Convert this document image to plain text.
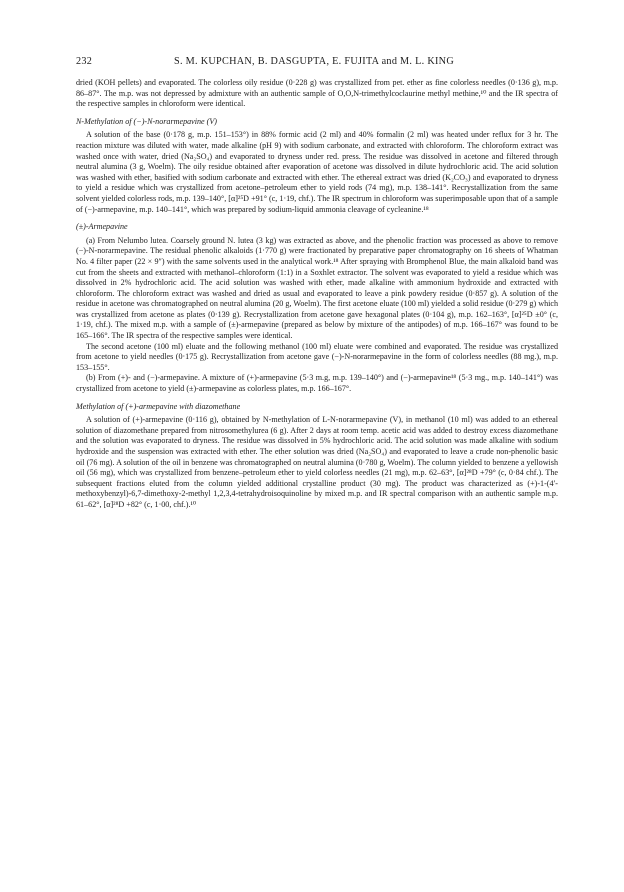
232	S. M. KUPCHAN, B. DASGUPTA, E. FUJITA and M. L. KING

dried (KOH pellets) and evaporated. The colorless oily residue (0·228 g) was crystallized from pet. ether as fine colorless needles (0·136 g), m.p. 86–87°. The m.p. was not depressed by admixture with an authentic sample of O,O,N-trimethylcoclaurine methyl methine,¹⁰ and the IR spectra of the respective samples in chloroform were identical.

N-Methylation of (−)-N-norarmepavine (V)

A solution of the base (0·178 g, m.p. 151–153°) in 88% formic acid (2 ml) and 40% formalin (2 ml) was heated under reflux for 3 hr. The reaction mixture was diluted with water, made alkaline (pH 9) with sodium carbonate, and extracted with chloroform. The chloroform extract was washed once with water, dried (Na₂SO₄) and evaporated to dryness under red. press. The residue was dissolved in acetone and filtered through neutral alumina (3 g, Woelm). The oily residue obtained after evaporation of acetone was dissolved in dilute hydrochloric acid. The acid solution was washed with ether, basified with sodium carbonate and extracted with ether. The ethereal extract was dried (K₂CO₃) and evaporated to dryness to yield a residue which was crystallized from acetone–petroleum ether to yield rods (74 mg), m.p. 138–141°. Recrystallization from the same solvent yielded colorless rods, m.p. 139–140°, [α]²⁵D +91° (c, 1·19, chf.). The IR spectrum in chloroform was superimposable upon that of a sample of (−)-armepavine, m.p. 140–141°, which was prepared by sodium-liquid ammonia cleavage of cycleanine.¹⁸

(±)-Armepavine

(a) From Nelumbo lutea. Coarsely ground N. lutea (3 kg) was extracted as above, and the phenolic fraction was processed as above to remove (−)-N-norarmepavine. The residual phenolic alkaloids (1·770 g) were fractionated by preparative paper chromatography on 16 sheets of Whatman No. 4 filter paper (22 × 9″) with the same solvents used in the analytical work.¹⁸ After spraying with Bromphenol Blue, the main alkaloid band was cut from the sheets and extracted with methanol–chloroform (1:1) in a Soxhlet extractor. The solvent was evaporated to yield a residue which was dissolved in 2% hydrochloric acid. The acid solution was washed with ether, made alkaline with ammonium hydroxide and extracted with chloroform. The chloroform extract was washed and dried as usual and evaporated to leave a pink powdery residue (0·857 g). A solution of the residue in acetone was chromatographed on neutral alumina (20 g, Woelm). The first acetone eluate (100 ml) yielded a solid residue (0·279 g) which was crystallized from acetone as plates (0·139 g). Recrystallization from acetone gave hexagonal plates (0·104 g), m.p. 162–163°, [α]²⁵D ±0° (c, 1·19, chf.). The mixed m.p. with a sample of (±)-armepavine (prepared as below by mixture of the antipodes) of m.p. 166–167° was found to be 165–166°. The IR spectra of the respective samples were identical.

The second acetone (100 ml) eluate and the following methanol (100 ml) eluate were combined and evaporated. The residue was crystallized from acetone to yield needles (0·175 g). Recrystallization from acetone gave (−)-N-norarmepavine in the form of colorless needles (88 mg.), m.p. 153–155°.

(b) From (+)- and (−)-armepavine. A mixture of (+)-armepavine (5·3 m.g, m.p. 139–140°) and (−)-armepavine¹⁸ (5·3 mg., m.p. 140–141°) was crystallized from acetone to yield (±)-armepavine as colorless plates, m.p. 166–167°.

Methylation of (+)-armepavine with diazomethane

A solution of (+)-armepavine (0·116 g), obtained by N-methylation of L-N-norarmepavine (V), in methanol (10 ml) was added to an ethereal solution of diazomethane prepared from nitrosomethylurea (6 g). After 2 days at room temp. acetic acid was added to destroy excess diazomethane and the solution was evaporated to dryness. The residue was dissolved in 5% hydrochloric acid. The acid solution was made alkaline with sodium hydroxide and the suspension was extracted with ether. The ether solution was dried (Na₂SO₄) and evaporated to leave a crude non-phenolic basic oil (76 mg). A solution of the oil in benzene was chromatographed on neutral alumina (0·780 g, Woelm). The column yielded to benzene a yellowish oil (56 mg), which was crystallized from benzene–petroleum ether to yield colorless needles (21 mg), m.p. 62–63°, [α]²⁸D +79° (c, 0·84 chf.). The subsequent fractions eluted from the column yielded additional crystalline product (30 mg). The product was characterized as (+)-1-(4′-methoxybenzyl)-6,7-dimethoxy-2-methyl 1,2,3,4-tetrahydroisoquinoline by mixed m.p. and IR spectral comparison with an authentic sample m.p. 61–62°, [α]²⁸D +82° (c, 1·00, chf.).¹⁰
